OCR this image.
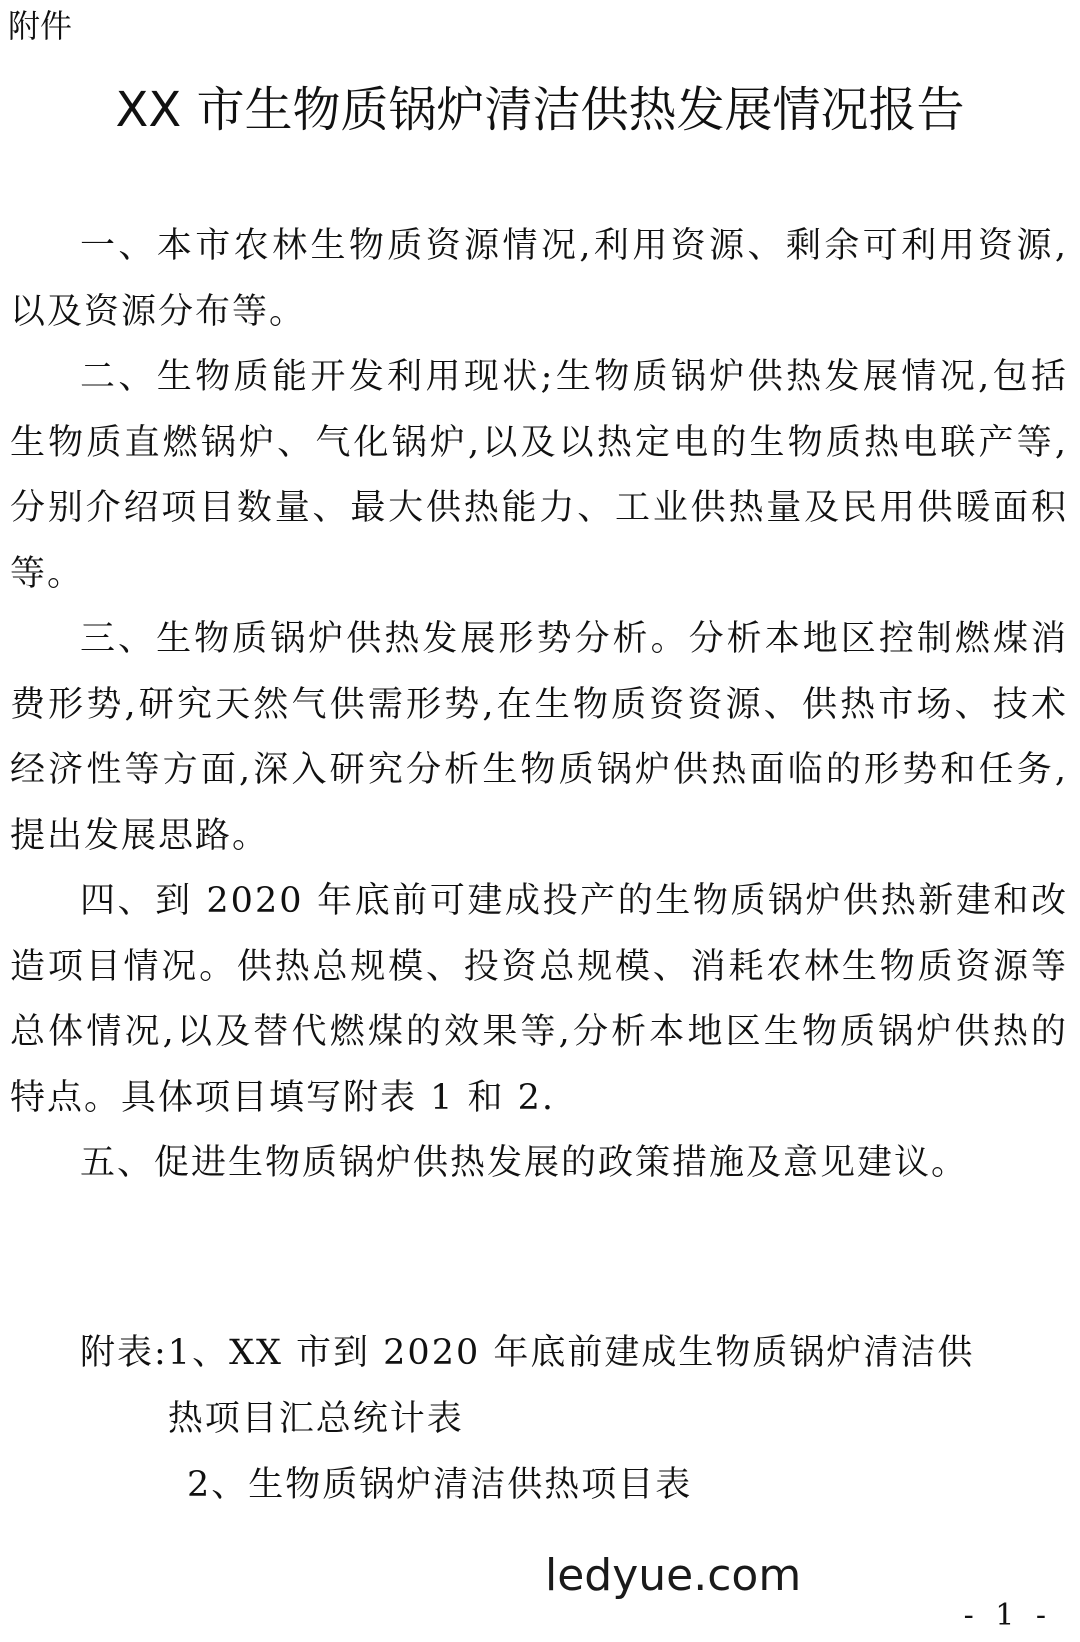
附件
XX 市生物质锅炉清洁供热发展情况报告

一、本市农林生物质资源情况,利用资源、剩余可利用资源,以及资源分布等。

二、生物质能开发利用现状;生物质锅炉供热发展情况,包括生物质直燃锅炉、气化锅炉,以及以热定电的生物质热电联产等,分别介绍项目数量、最大供热能力、工业供热量及民用供暖面积等。

三、生物质锅炉供热发展形势分析。分析本地区控制燃煤消费形势,研究天然气供需形势,在生物质资资源、供热市场、技术经济性等方面,深入研究分析生物质锅炉供热面临的形势和任务,提出发展思路。

四、到 2020 年底前可建成投产的生物质锅炉供热新建和改造项目情况。供热总规模、投资总规模、消耗农林生物质资源等总体情况,以及替代燃煤的效果等,分析本地区生物质锅炉供热的特点。具体项目填写附表 1 和 2.

五、促进生物质锅炉供热发展的政策措施及意见建议。

附表: 1、 XX 市到 2020 年底前建成生物质锅炉清洁供
热项目汇总统计表
2、 生物质锅炉清洁供热项目表
ledyue.com
- 1 -
